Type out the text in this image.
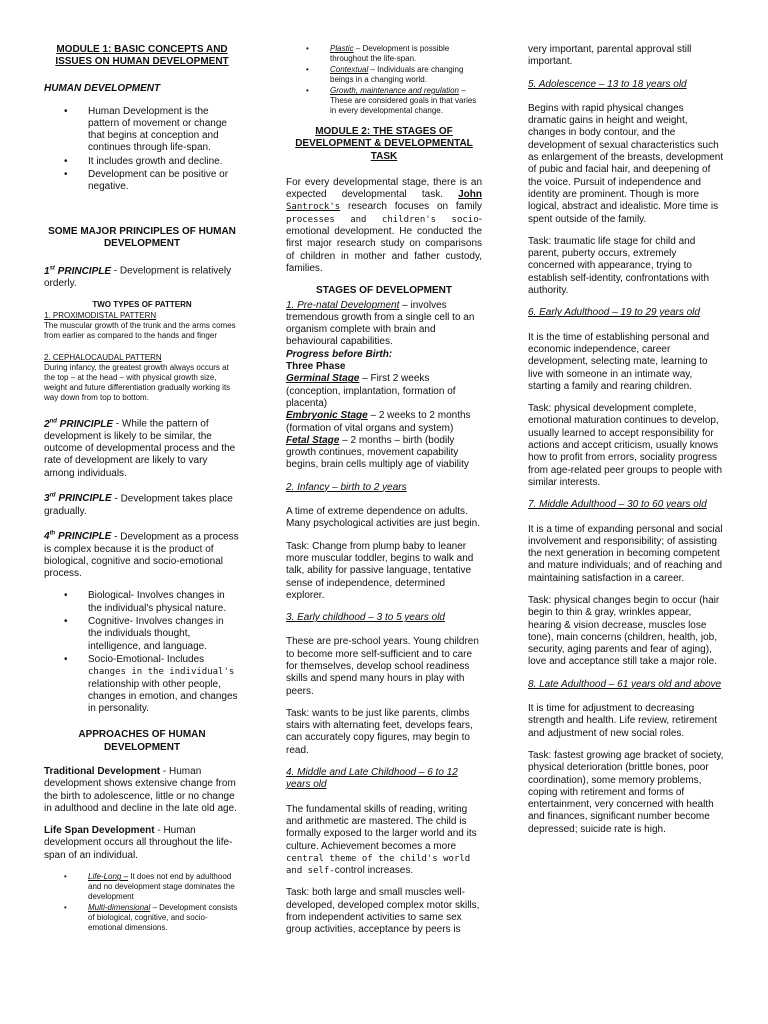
MODULE 1: BASIC CONCEPTS AND ISSUES ON HUMAN DEVELOPMENT
HUMAN DEVELOPMENT
• Human Development is the pattern of movement or change that begins at conception and continues through life-span.
• It includes growth and decline.
• Development can be positive or negative.
SOME MAJOR PRINCIPLES OF HUMAN DEVELOPMENT

1st PRINCIPLE - Development is relatively orderly.

TWO TYPES OF PATTERN

1. PROXIMODISTAL PATTERN

The muscular growth of the trunk and the arms comes from earlier as compared to the hands and finger

2. CEPHALOCAUDAL PATTERN

During infancy, the greatest growth always occurs at the top – at the head – with physical growth size, weight and future differentiation gradually working its way down from top to bottom.

2nd PRINCIPLE - While the pattern of development is likely to be similar, the outcome of developmental process and the rate of development are likely to vary among individuals.

3rd PRINCIPLE - Development takes place gradually.

4th PRINCIPLE - Development as a process is complex because it is the product of biological, cognitive and socio-emotional process.

• Biological- Involves changes in the individual's physical nature.
• Cognitive- Involves changes in the individuals thought, intelligence, and language.
• Socio-Emotional- Includes changes in the individual's relationship with other people, changes in emotion, and changes in personality.
APPROACHES OF HUMAN DEVELOPMENT

Traditional Development - Human development shows extensive change from the birth to adolescence, little or no change in adulthood and decline in the late old age.

Life Span Development - Human development occurs all throughout the life-span of an individual.

• Life-Long – It does not end by adulthood and no development stage dominates the development
• Multi-dimensional – Development consists of biological, cognitive, and socio-emotional dimensions.
• Plastic – Development is possible throughout the life-span.
• Contextual – Individuals are changing beings in a changing world.
• Growth, maintenance and regulation – These are considered goals in that varies in every developmental change.
MODULE 2: THE STAGES OF DEVELOPMENT & DEVELOPMENTAL TASK

For every developmental stage, there is an expected developmental task. John Santrock's research focuses on family processes and children's socio-emotional development. He conducted the first major research study on comparisons of children in mother and father custody, families.

STAGES OF DEVELOPMENT

1. Pre-natal Development – involves tremendous growth from a single cell to an organism complete with brain and behavioural capabilities.

Progress before Birth:

Three Phase

Germinal Stage – First 2 weeks (conception, implantation, formation of placenta)

Embryonic Stage – 2 weeks to 2 months (formation of vital organs and system)

Fetal Stage – 2 months – birth (bodily growth continues, movement capability begins, brain cells multiply age of viability

2. Infancy – birth to 2 years

A time of extreme dependence on adults. Many psychological activities are just begin.

Task: Change from plump baby to leaner more muscular toddler, begins to walk and talk, ability for passive language, tentative sense of independence, determined explorer.

3. Early childhood – 3 to 5 years old

These are pre-school years. Young children to become more self-sufficient and to care for themselves, develop school readiness skills and spend many hours in play with peers.

Task: wants to be just like parents, climbs stairs with alternating feet, develops fears, can accurately copy figures, may begin to read.

4. Middle and Late Childhood – 6 to 12 years old

The fundamental skills of reading, writing and arithmetic are mastered. The child is formally exposed to the larger world and its culture. Achievement becomes a more central theme of the child's world and self-control increases.

Task: both large and small muscles well-developed, developed complex motor skills, from independent activities to same sex group activities, acceptance by peers is

very important, parental approval still important.

5. Adolescence – 13 to 18 years old

Begins with rapid physical changes dramatic gains in height and weight, changes in body contour, and the development of sexual characteristics such as enlargement of the breasts, development of pubic and facial hair, and deepening of the voice. Pursuit of independence and identity are prominent. Though is more logical, abstract and idealistic. More time is spent outside of the family.

Task: traumatic life stage for child and parent, puberty occurs, extremely concerned with appearance, trying to establish self-identity, confrontations with authority.

6. Early Adulthood – 19 to 29 years old

It is the time of establishing personal and economic independence, career development, selecting mate, learning to live with someone in an intimate way, starting a family and rearing children.

Task: physical development complete, emotional maturation continues to develop, usually learned to accept responsibility for actions and accept criticism, usually knows how to profit from errors, sociality progress from age-related peer groups to people with similar interests.

7. Middle Adulthood – 30 to 60 years old

It is a time of expanding personal and social involvement and responsibility; of assisting the next generation in becoming competent and mature individuals; and of reaching and maintaining satisfaction in a career.

Task: physical changes begin to occur (hair begin to thin & gray, wrinkles appear, hearing & vision decrease, muscles lose tone), main concerns (children, health, job, security, aging parents and fear of aging), love and acceptance still take a major role.

8. Late Adulthood – 61 years old and above

It is time for adjustment to decreasing strength and health. Life review, retirement and adjustment of new social roles.

Task: fastest growing age bracket of society, physical deterioration (brittle bones, poor coordination), some memory problems, coping with retirement and forms of entertainment, very concerned with health and finances, significant number become depressed; suicide rate is high.
